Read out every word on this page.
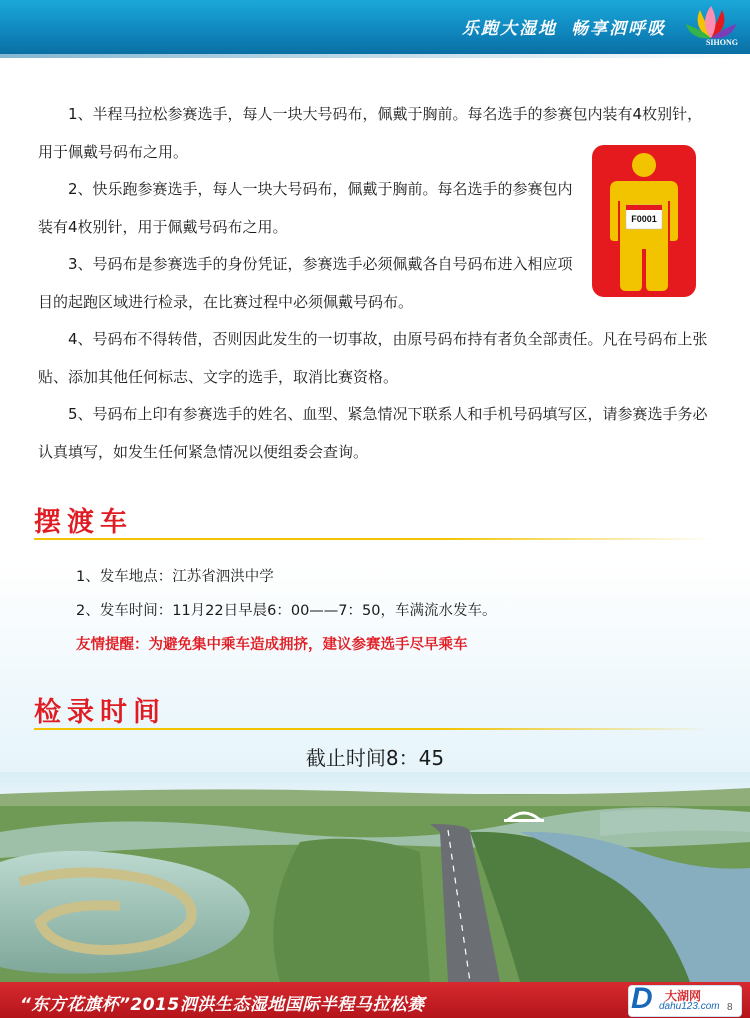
乐跑大湿地 畅享泗呼吸
SIHONG

1、半程马拉松参赛选手，每人一块大号码布，佩戴于胸前。每名选手的参赛包内装有4枚别针，用于佩戴号码布之用。

2、快乐跑参赛选手，每人一块大号码布，佩戴于胸前。每名选手的参赛包内装有4枚别针，用于佩戴号码布之用。

3、号码布是参赛选手的身份凭证，参赛选手必须佩戴各自号码布进入相应项目的起跑区域进行检录，在比赛过程中必须佩戴号码布。

4、号码布不得转借，否则因此发生的一切事故，由原号码布持有者负全部责任。凡在号码布上张贴、添加其他任何标志、文字的选手，取消比赛资格。

5、号码布上印有参赛选手的姓名、血型、紧急情况下联系人和手机号码填写区，请参赛选手务必认真填写，如发生任何紧急情况以便组委会查询。

F0001
摆渡车

1、发车地点：江苏省泗洪中学

2、发车时间：11月22日早晨6：00——7：50，车满流水发车。

友情提醒：为避免集中乘车造成拥挤，建议参赛选手尽早乘车

检录时间
截止时间8：45
“东方花旗杯”2015泗洪生态湿地国际半程马拉松赛	D 大湖网
dahu123.com 8
